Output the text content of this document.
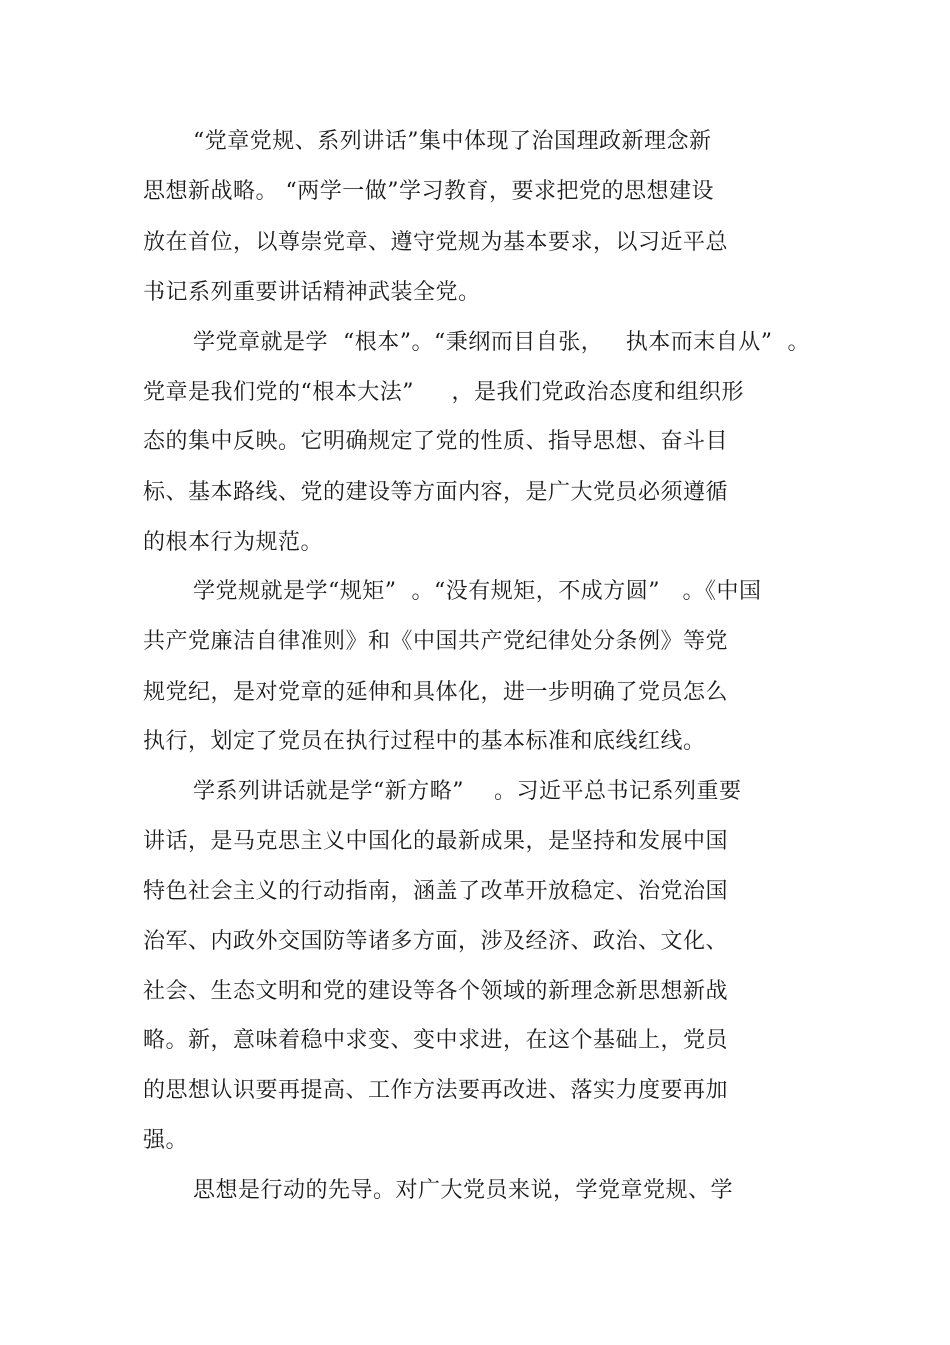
“党章党规、系列讲话”集中体现了治国理政新理念新
思想新战略。 “两学一做”学习教育，要求把党的思想建设
放在首位，以尊崇党章、遵守党规为基本要求，以习近平总
书记系列重要讲话精神武装全党。
学党章就是学  “根本”。“秉纲而目自张，   执本而末自从”  。
党章是我们党的“根本大法”     ，是我们党政治态度和组织形
态的集中反映。它明确规定了党的性质、指导思想、奋斗目
标、基本路线、党的建设等方面内容，是广大党员必须遵循
的根本行为规范。
学党规就是学“规矩”  。“没有规矩，不成方圆”   。《中国
共产党廉洁自律准则》和《中国共产党纪律处分条例》等党
规党纪，是对党章的延伸和具体化，进一步明确了党员怎么
执行，划定了党员在执行过程中的基本标准和底线红线。
学系列讲话就是学“新方略”    。习近平总书记系列重要
讲话，是马克思主义中国化的最新成果，是坚持和发展中国
特色社会主义的行动指南，涵盖了改革开放稳定、治党治国
治军、内政外交国防等诸多方面，涉及经济、政治、文化、
社会、生态文明和党的建设等各个领域的新理念新思想新战
略。新，意味着稳中求变、变中求进，在这个基础上，党员
的思想认识要再提高、工作方法要再改进、落实力度要再加
强。
思想是行动的先导。对广大党员来说，学党章党规、学
